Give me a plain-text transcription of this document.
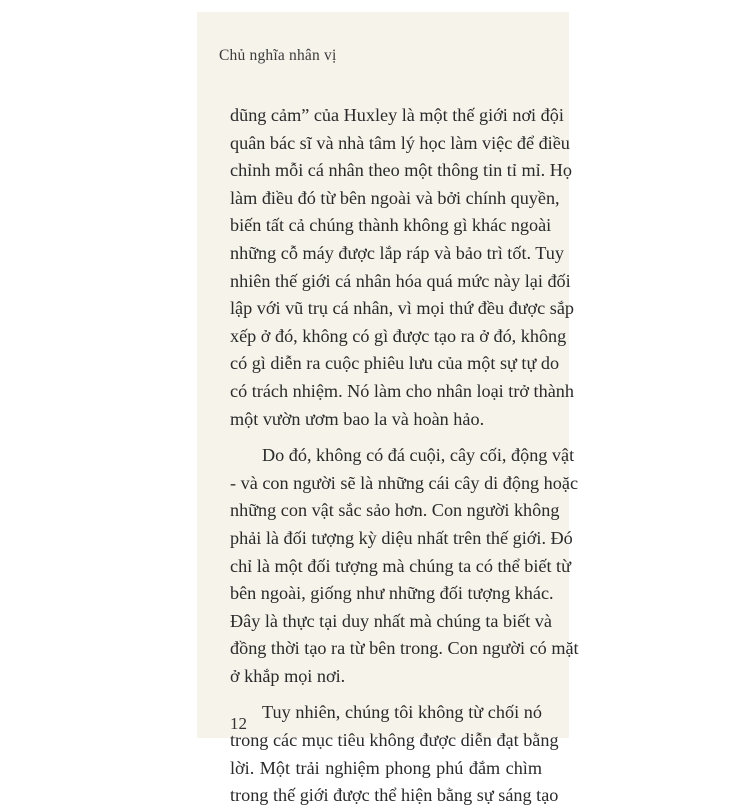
Chủ nghĩa nhân vị
dũng cảm” của Huxley là một thế giới nơi đội
quân bác sĩ và nhà tâm lý học làm việc để điều
chỉnh mỗi cá nhân theo một thông tin tỉ mỉ. Họ
làm điều đó từ bên ngoài và bởi chính quyền,
biến tất cả chúng thành không gì khác ngoài
những cỗ máy được lắp ráp và bảo trì tốt. Tuy
nhiên thế giới cá nhân hóa quá mức này lại đối
lập với vũ trụ cá nhân, vì mọi thứ đều được sắp
xếp ở đó, không có gì được tạo ra ở đó, không
có gì diễn ra cuộc phiêu lưu của một sự tự do
có trách nhiệm. Nó làm cho nhân loại trở thành
một vườn ươm bao la và hoàn hảo.
Do đó, không có đá cuội, cây cối, động vật
- và con người sẽ là những cái cây di động hoặc
những con vật sắc sảo hơn. Con người không
phải là đối tượng kỳ diệu nhất trên thế giới. Đó
chỉ là một đối tượng mà chúng ta có thể biết từ
bên ngoài, giống như những đối tượng khác.
Đây là thực tại duy nhất mà chúng ta biết và
đồng thời tạo ra từ bên trong. Con người có mặt
ở khắp mọi nơi.
Tuy nhiên, chúng tôi không từ chối nó
trong các mục tiêu không được diễn đạt bằng
lời. Một trải nghiệm phong phú đắm chìm
trong thế giới được thể hiện bằng sự sáng tạo
12
